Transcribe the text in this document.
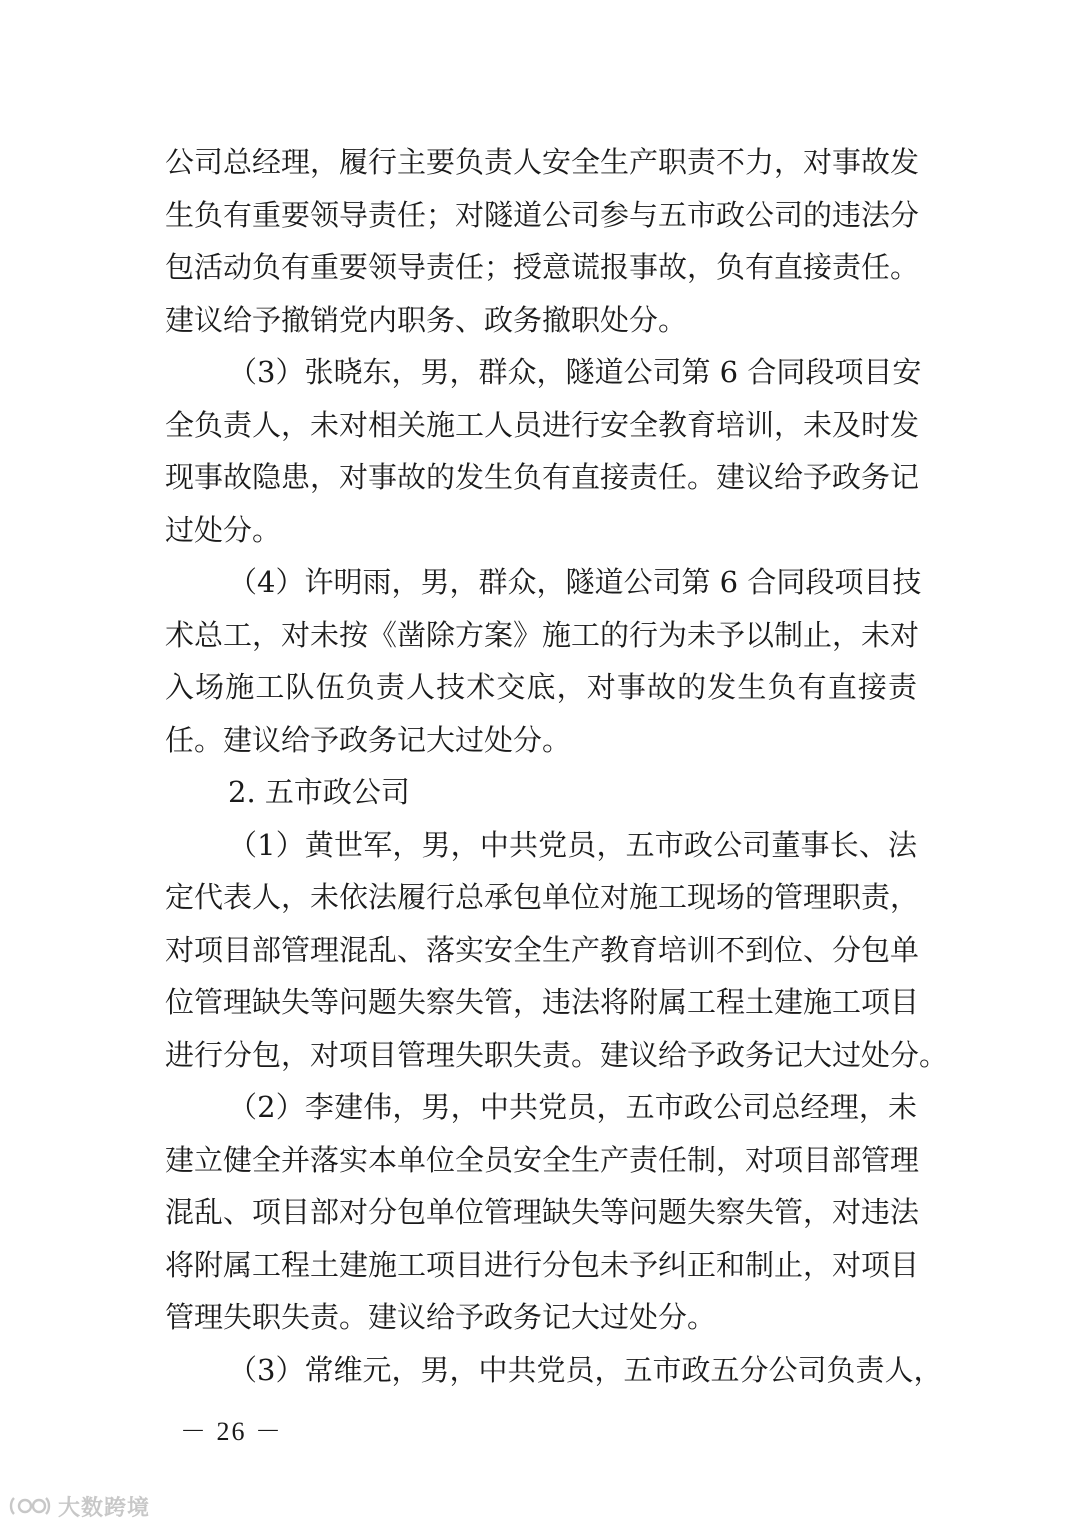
公司总经理，履行主要负责人安全生产职责不力，对事故发
生负有重要领导责任；对隧道公司参与五市政公司的违法分
包活动负有重要领导责任；授意谎报事故，负有直接责任。
建议给予撤销党内职务、政务撤职处分。
（3）张晓东，男，群众，隧道公司第 6 合同段项目安
全负责人，未对相关施工人员进行安全教育培训，未及时发
现事故隐患，对事故的发生负有直接责任。建议给予政务记
过处分。
（4）许明雨，男，群众，隧道公司第 6 合同段项目技
术总工，对未按《凿除方案》施工的行为未予以制止，未对
入场施工队伍负责人技术交底，对事故的发生负有直接责
任。建议给予政务记大过处分。
2. 五市政公司
（1）黄世军，男，中共党员，五市政公司董事长、法
定代表人，未依法履行总承包单位对施工现场的管理职责，
对项目部管理混乱、落实安全生产教育培训不到位、分包单
位管理缺失等问题失察失管，违法将附属工程土建施工项目
进行分包，对项目管理失职失责。建议给予政务记大过处分。
（2）李建伟，男，中共党员，五市政公司总经理，未
建立健全并落实本单位全员安全生产责任制，对项目部管理
混乱、项目部对分包单位管理缺失等问题失察失管，对违法
将附属工程土建施工项目进行分包未予纠正和制止，对项目
管理失职失责。建议给予政务记大过处分。
（3）常维元，男，中共党员，五市政五分公司负责人，
－ 26 －
大数跨境
